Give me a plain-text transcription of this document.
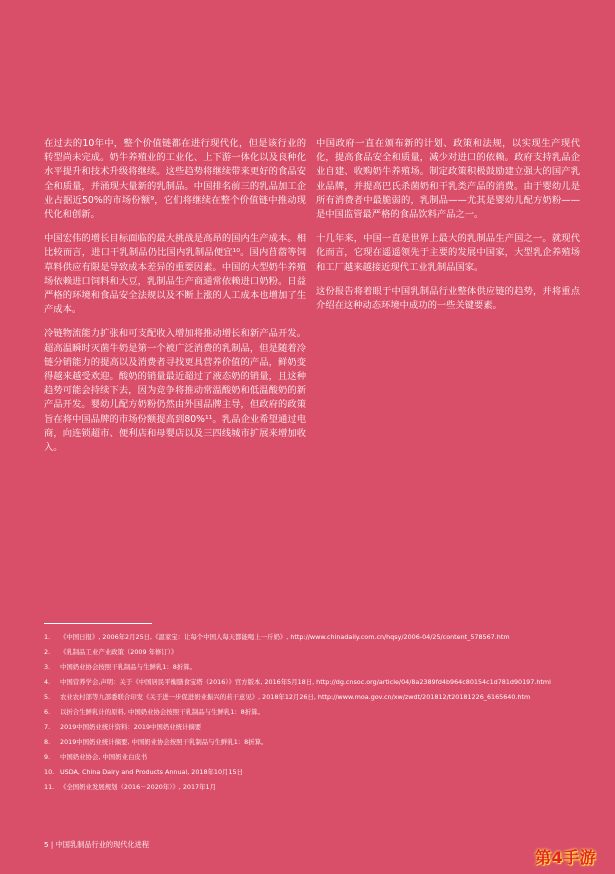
在过去的10年中，整个价值链都在进行现代化，但是该行业的转型尚未完成。奶牛养殖业的工业化、上下游一体化以及良种化水平提升和技术升级将继续。这些趋势将继续带来更好的食品安全和质量，并涌现大量新的乳制品。中国排名前三的乳品加工企业占据近50%的市场份额⁹，它们将继续在整个价值链中推动现代化和创新。

中国宏伟的增长目标面临的最大挑战是高昂的国内生产成本。相比较而言，进口干乳制品仍比国内乳制品便宜¹⁰。国内苜蓿等饲草料供应有限是导致成本差异的重要因素。中国的大型奶牛养殖场依赖进口饲料和大豆，乳制品生产商通常依赖进口奶粉。日益严格的环境和食品安全法规以及不断上涨的人工成本也增加了生产成本。

冷链物流能力扩张和可支配收入增加将推动增长和新产品开发。超高温瞬时灭菌牛奶是第一个被广泛消费的乳制品，但是随着冷链分销能力的提高以及消费者寻找更具营养价值的产品，鲜奶变得越来越受欢迎。酸奶的销量最近超过了液态奶的销量，且这种趋势可能会持续下去，因为竞争将推动常温酸奶和低温酸奶的新产品开发。婴幼儿配方奶粉仍然由外国品牌主导，但政府的政策旨在将中国品牌的市场份额提高到80%¹¹。乳品企业希望通过电商，向连锁超市、便利店和母婴店以及三四线城市扩展来增加收入。

中国政府一直在颁布新的计划、政策和法规，以实现生产现代化，提高食品安全和质量，减少对进口的依赖。政府支持乳品企业自建、收购奶牛养殖场。制定政策积极鼓励建立强大的国产乳业品牌，并提高巴氏杀菌奶和干乳类产品的消费。由于婴幼儿是所有消费者中最脆弱的，乳制品——尤其是婴幼儿配方奶粉——是中国监管最严格的食品饮料产品之一。

十几年来，中国一直是世界上最大的乳制品生产国之一。就现代化而言，它现在遥遥领先于主要的发展中国家，大型乳企养殖场和工厂越来越接近现代工业乳制品国家。

这份报告将着眼于中国乳制品行业整体供应链的趋势，并将重点介绍在这种动态环境中成功的一些关键要素。

1. 《中国日报》, 2006年2月25日,《温家宝：让每个中国人每天都能喝上一斤奶》, http://www.chinadaily.com.cn/hqsy/2006-04/25/content_578567.htm
2. 《乳制品工业产业政策（2009 年修订）》
3. 中国奶业协会按照干乳制品与生鲜乳1：8折算。
4. 中国营养学会,声明：关于《中国居民平衡膳食宝塔（2016）》官方版本, 2016年5月18日, http://dg.cnsoc.org/article/04/8a2389fd4b964c80154c1d781d90197.html
5. 农业农村部等九部委联合印发《关于进一步促进奶业振兴的若干意见》, 2018年12月26日, http://www.moa.gov.cn/xw/zwdt/201812/t20181226_6165640.htm
6. 以折合生鲜乳计的原料, 中国奶业协会按照干乳制品与生鲜乳1：8折算。
7. 2019中国奶业统计资料：2019中国奶业统计摘要
8. 2019中国奶业统计摘要, 中国奶业协会按照干乳制品与生鲜乳1：8折算。
9. 中国奶业协会, 中国奶业白皮书
10. USDA, China Dairy and Products Annual, 2018年10月15日
11. 《全国奶业发展规划（2016－2020年）》, 2017年1月
5 | 中国乳制品行业的现代化进程
第4手游
